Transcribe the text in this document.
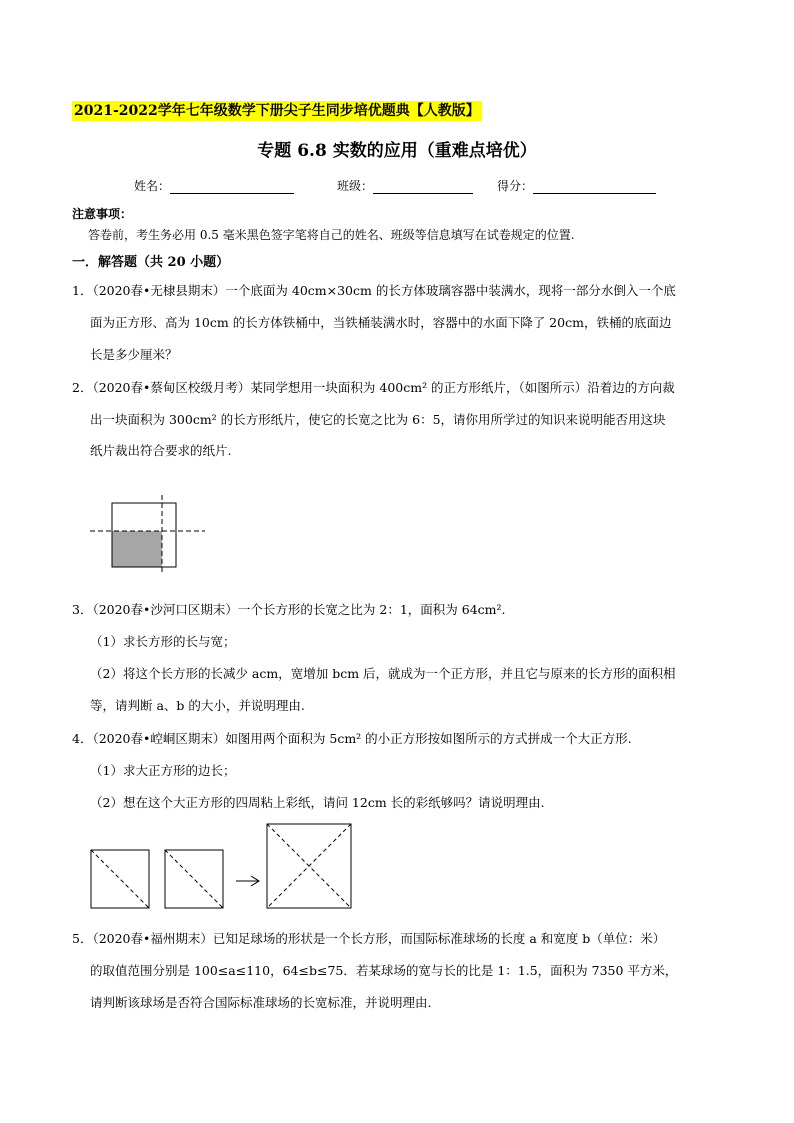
2021-2022学年七年级数学下册尖子生同步培优题典【人教版】
专题 6.8 实数的应用（重难点培优）
姓名：	班级：	得分：
注意事项：
答卷前，考生务必用 0.5 毫米黑色签字笔将自己的姓名、班级等信息填写在试卷规定的位置.
一．解答题（共 20 小题）
1．（2020春•无棣县期末）一个底面为 40cm×30cm 的长方体玻璃容器中装满水，现将一部分水倒入一个底
面为正方形、高为 10cm 的长方体铁桶中，当铁桶装满水时，容器中的水面下降了 20cm，铁桶的底面边
长是多少厘米？
2．（2020春•蔡甸区校级月考）某同学想用一块面积为 400cm² 的正方形纸片，（如图所示）沿着边的方向裁
出一块面积为 300cm² 的长方形纸片，使它的长宽之比为 6：5，请你用所学过的知识来说明能否用这块
纸片裁出符合要求的纸片.
3．（2020春•沙河口区期末）一个长方形的长宽之比为 2：1，面积为 64cm².
（1）求长方形的长与宽；
（2）将这个长方形的长减少 acm，宽增加 bcm 后，就成为一个正方形，并且它与原来的长方形的面积相
等，请判断 a、b 的大小，并说明理由.
4．（2020春•崆峒区期末）如图用两个面积为 5cm² 的小正方形按如图所示的方式拼成一个大正方形.
（1）求大正方形的边长；
（2）想在这个大正方形的四周粘上彩纸，请问 12cm 长的彩纸够吗？请说明理由.
5．（2020春•福州期末）已知足球场的形状是一个长方形，而国际标准球场的长度 a 和宽度 b（单位：米）
的取值范围分别是 100≤a≤110，64≤b≤75．若某球场的宽与长的比是 1：1.5，面积为 7350 平方米，
请判断该球场是否符合国际标准球场的长宽标准，并说明理由.
